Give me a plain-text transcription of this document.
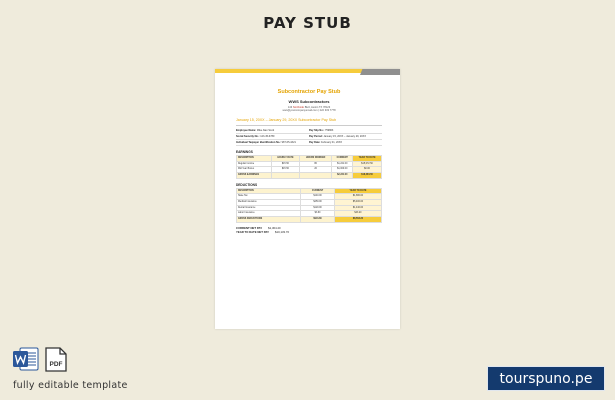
PAY STUB
Subcontractor Pay Stub
WWS Subcontractors
143 Northside Blvd, Austin TX 78123
wws@yourcompanyemail.com | 222 333 7778
January 15, 20XX – January 29, 20XX Subcontractor Pay Stub
Employee Name: Mike Alan Scott	Pay Slip No.: 759863
Social Security No.: 123-45-6789	Pay Period: January 15, 20XX – January 29, 20XX
Individual Taxpayer Identification No.: 987-65-4321	Pay Date: February 01, 20XX
EARNINGS
DESCRIPTION	HOURLY RATE	HOURS WORKED	CURRENT	YEAR TO DATE
Regular Income	$15.50	80	$1,221.00	$15,072.50
Mid Year Bonus	$15.50	20	$1,000.00	$0.00
GROSS EARNINGS			$2,221.00	$18,484.50
DEDUCTIONS
DESCRIPTION	CURRENT	YEAR TO DATE
State Tax	$140.00	$1,680.00
Medical Insurance	$450.00	$5,400.00
Dental Insurance	$120.00	$1,440.00
Labor Insurance	$3.60	$43.20
GROSS DEDUCTIONS	$916.80	$8,563.20
CURRENT NET PAY $1,304.20
YEAR TO DATE NET PAY $10,133.70
PDF
fully editable template	tourspuno.pe
